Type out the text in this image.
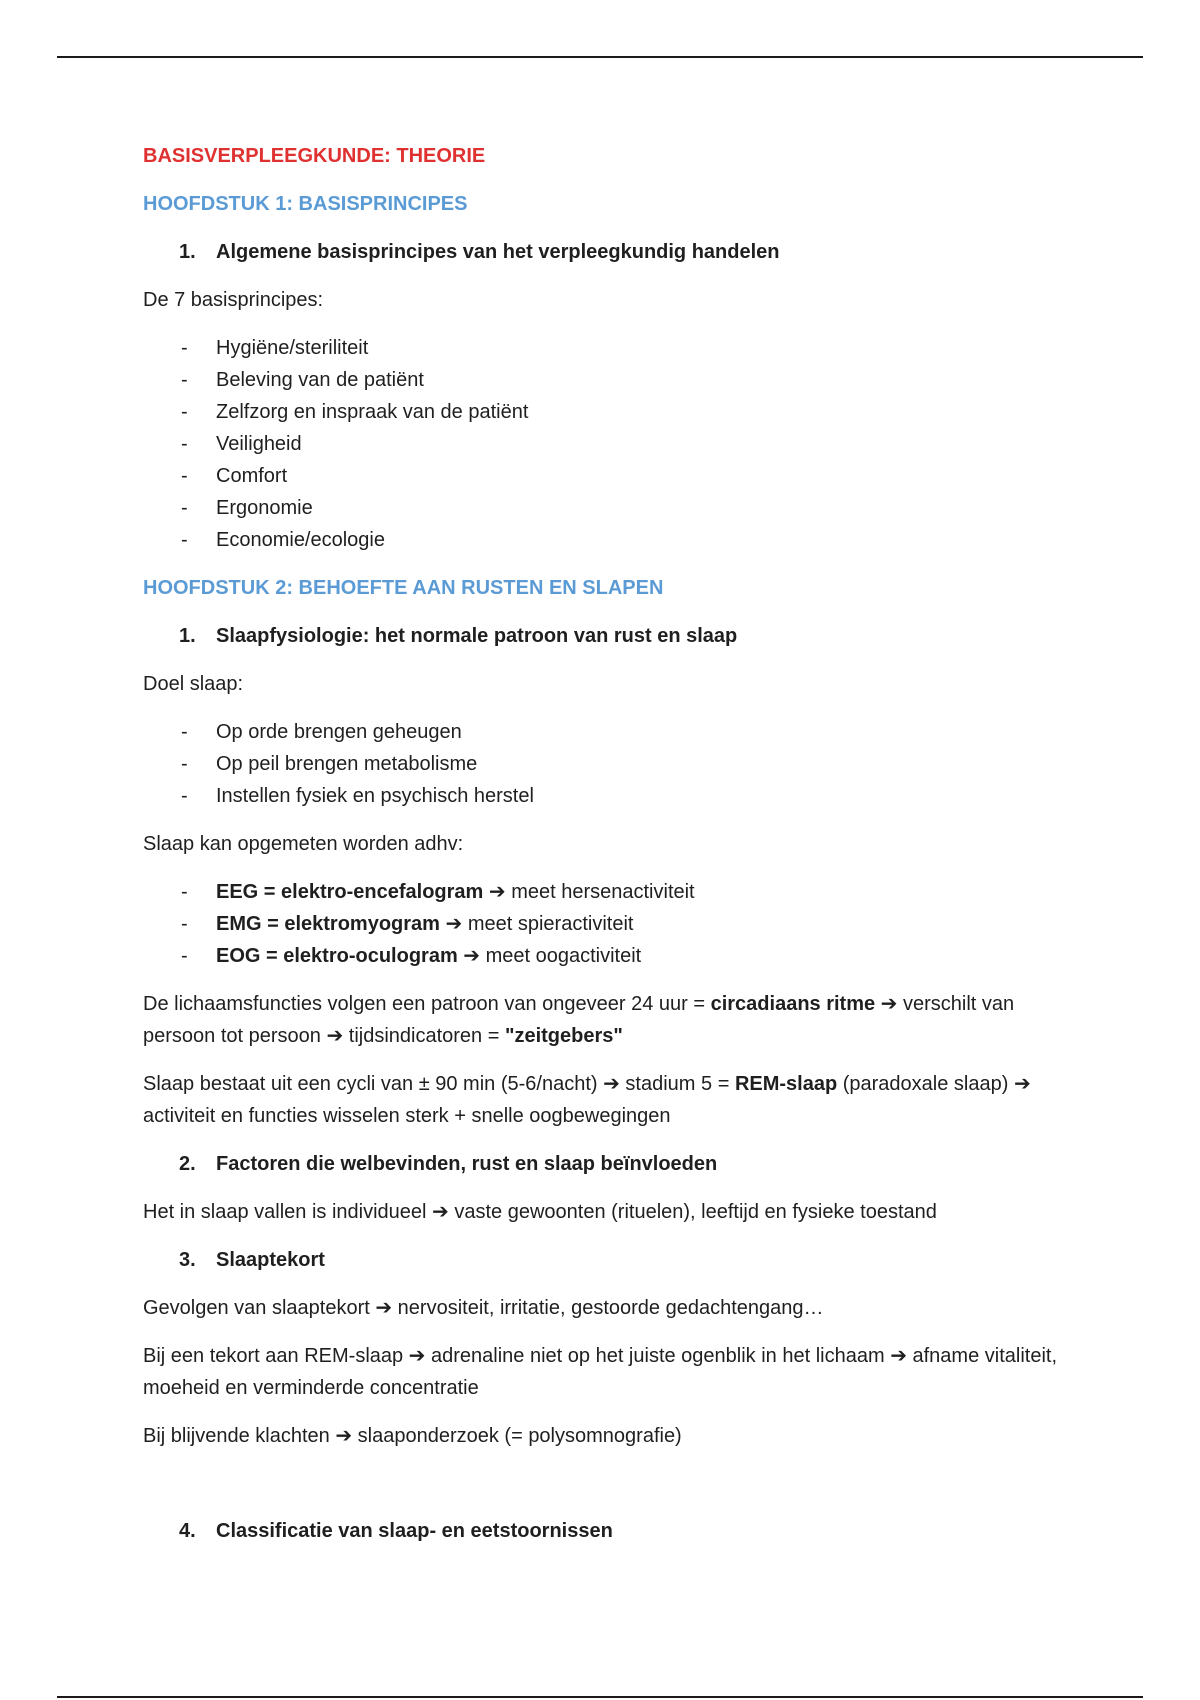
BASISVERPLEEGKUNDE: THEORIE

HOOFDSTUK 1: BASISPRINCIPES

1. Algemene basisprincipes van het verpleegkundig handelen

De 7 basisprincipes:

- Hygiëne/steriliteit
- Beleving van de patiënt
- Zelfzorg en inspraak van de patiënt
- Veiligheid
- Comfort
- Ergonomie
- Economie/ecologie

HOOFDSTUK 2: BEHOEFTE AAN RUSTEN EN SLAPEN

1. Slaapfysiologie: het normale patroon van rust en slaap

Doel slaap:

- Op orde brengen geheugen
- Op peil brengen metabolisme
- Instellen fysiek en psychisch herstel

Slaap kan opgemeten worden adhv:

- EEG = elektro-encefalogram ➔ meet hersenactiviteit
- EMG = elektromyogram ➔ meet spieractiviteit
- EOG = elektro-oculogram ➔ meet oogactiviteit

De lichaamsfuncties volgen een patroon van ongeveer 24 uur = circadiaans ritme ➔ verschilt van persoon tot persoon ➔ tijdsindicatoren = "zeitgebers"

Slaap bestaat uit een cycli van ± 90 min (5-6/nacht) ➔ stadium 5 = REM-slaap (paradoxale slaap) ➔ activiteit en functies wisselen sterk + snelle oogbewegingen

2. Factoren die welbevinden, rust en slaap beïnvloeden

Het in slaap vallen is individueel ➔ vaste gewoonten (rituelen), leeftijd en fysieke toestand

3. Slaaptekort

Gevolgen van slaaptekort ➔ nervositeit, irritatie, gestoorde gedachtengang…

Bij een tekort aan REM-slaap ➔ adrenaline niet op het juiste ogenblik in het lichaam ➔ afname vitaliteit, moeheid en verminderde concentratie

Bij blijvende klachten ➔ slaaponderzoek (= polysomnografie)

4. Classificatie van slaap- en eetstoornissen
